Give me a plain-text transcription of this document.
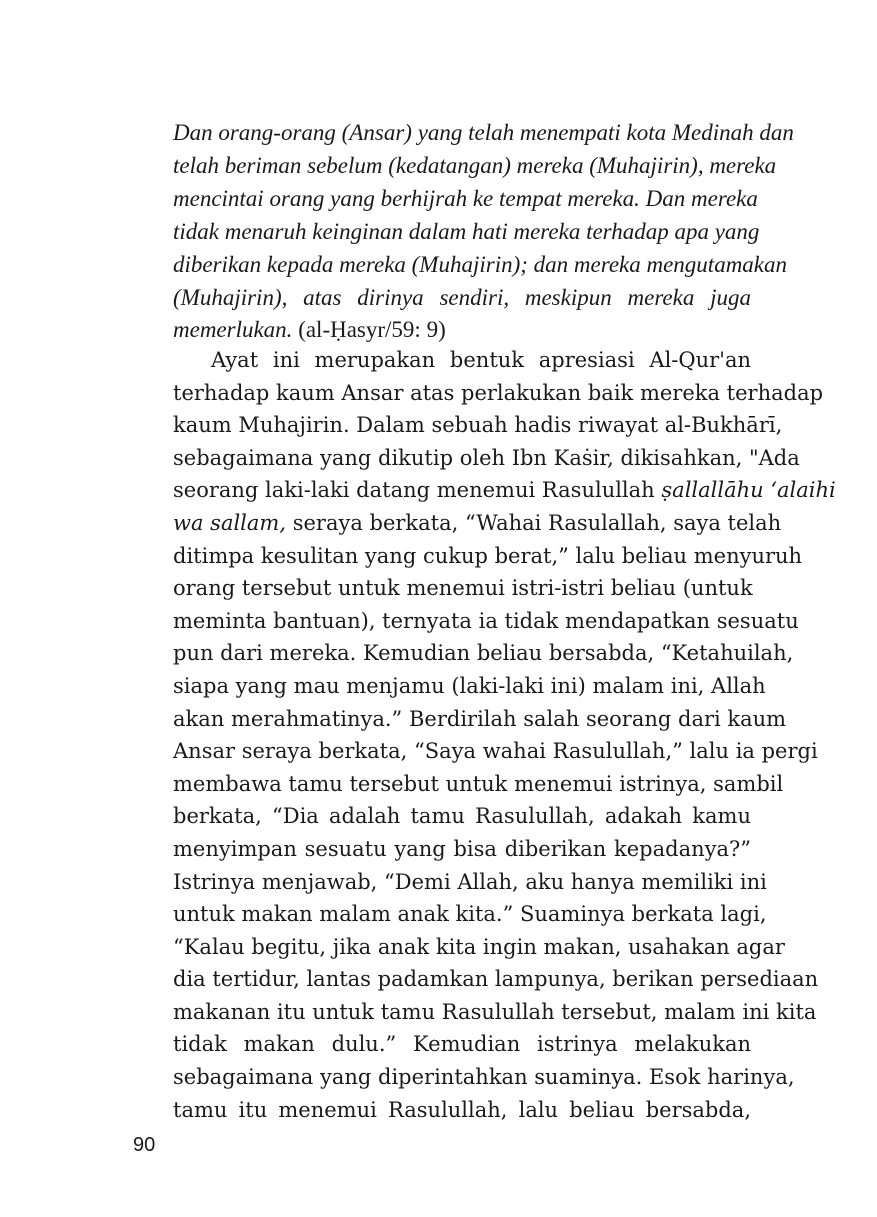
Dan orang-orang (Ansar) yang telah menempati kota Medinah dan
telah beriman sebelum (kedatangan) mereka (Muhajirin), mereka
mencintai orang yang berhijrah ke tempat mereka. Dan mereka
tidak menaruh keinginan dalam hati mereka terhadap apa yang
diberikan kepada mereka (Muhajirin); dan mereka mengutamakan
(Muhajirin), atas dirinya sendiri, meskipun mereka juga
memerlukan. (al-Ḥasyr/59: 9)
Ayat ini merupakan bentuk apresiasi Al-Qur'an
terhadap kaum Ansar atas perlakukan baik mereka terhadap
kaum Muhajirin. Dalam sebuah hadis riwayat al-Bukhārī,
sebagaimana yang dikutip oleh Ibn Kaṡir, dikisahkan, "Ada
seorang laki-laki datang menemui Rasulullah ṣallallāhu ‘alaihi
wa sallam, seraya berkata, “Wahai Rasulallah, saya telah
ditimpa kesulitan yang cukup berat,” lalu beliau menyuruh
orang tersebut untuk menemui istri-istri beliau (untuk
meminta bantuan), ternyata ia tidak mendapatkan sesuatu
pun dari mereka. Kemudian beliau bersabda, “Ketahuilah,
siapa yang mau menjamu (laki-laki ini) malam ini, Allah
akan merahmatinya.” Berdirilah salah seorang dari kaum
Ansar seraya berkata, “Saya wahai Rasulullah,” lalu ia pergi
membawa tamu tersebut untuk menemui istrinya, sambil
berkata, “Dia adalah tamu Rasulullah, adakah kamu
menyimpan sesuatu yang bisa diberikan kepadanya?”
Istrinya menjawab, “Demi Allah, aku hanya memiliki ini
untuk makan malam anak kita.” Suaminya berkata lagi,
“Kalau begitu, jika anak kita ingin makan, usahakan agar
dia tertidur, lantas padamkan lampunya, berikan persediaan
makanan itu untuk tamu Rasulullah tersebut, malam ini kita
tidak makan dulu.” Kemudian istrinya melakukan
sebagaimana yang diperintahkan suaminya. Esok harinya,
tamu itu menemui Rasulullah, lalu beliau bersabda,
90
